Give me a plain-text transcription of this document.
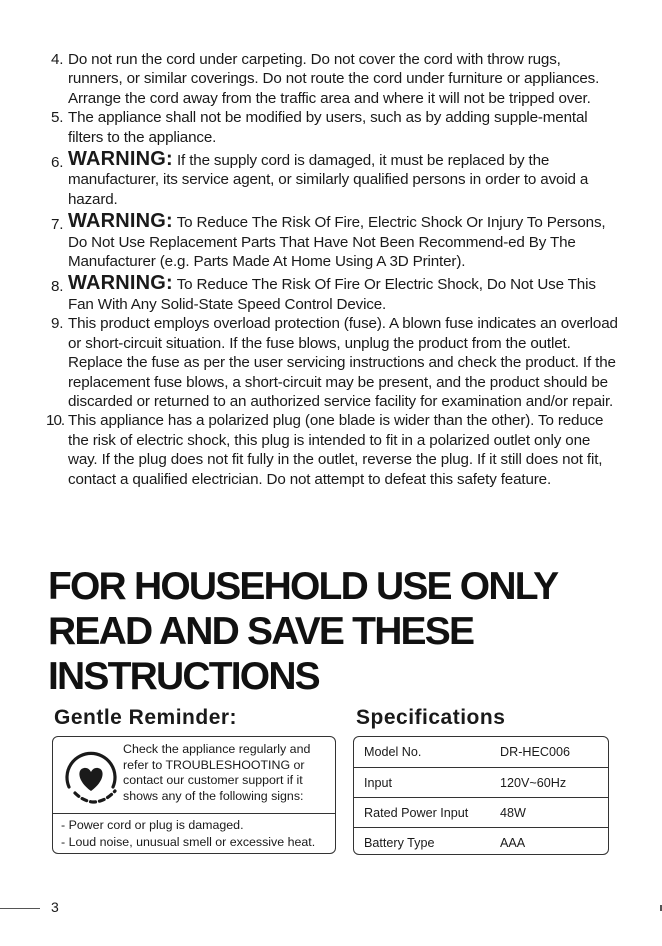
4. Do not run the cord under carpeting. Do not cover the cord with throw rugs, runners, or similar coverings. Do not route the cord under furniture or appliances. Arrange the cord away from the traffic area and where it will not be tripped over.
5. The appliance shall not be modified by users, such as by adding supple-mental filters to the appliance.
6. WARNING: If the supply cord is damaged, it must be replaced by the manufacturer, its service agent, or similarly qualified persons in order to avoid a hazard.
7. WARNING: To Reduce The Risk Of Fire, Electric Shock Or Injury To Persons, Do Not Use Replacement Parts That Have Not Been Recommend-ed By The Manufacturer (e.g. Parts Made At Home Using A 3D Printer).
8. WARNING: To Reduce The Risk Of Fire Or Electric Shock, Do Not Use This Fan With Any Solid-State Speed Control Device.
9. This product employs overload protection (fuse). A blown fuse indicates an overload or short-circuit situation. If the fuse blows, unplug the product from the outlet. Replace the fuse as per the user servicing instructions and check the product. If the replacement fuse blows, a short-circuit may be present, and the product should be discarded or returned to an authorized service facility for examination and/or repair.
10. This appliance has a polarized plug (one blade is wider than the other). To reduce the risk of electric shock, this plug is intended to fit in a polarized outlet only one way. If the plug does not fit fully in the outlet, reverse the plug. If it still does not fit, contact a qualified electrician. Do not attempt to defeat this safety feature.
FOR HOUSEHOLD USE ONLY
READ AND SAVE THESE
INSTRUCTIONS
Gentle Reminder:	Specifications
Check the appliance regularly and refer to TROUBLESHOOTING or contact our customer support if it shows any of the following signs:
- Power cord or plug is damaged.
- Loud noise, unusual smell or excessive heat.
Model No.	DR-HEC006
Input	120V~60Hz
Rated Power Input	48W
Battery Type	AAA
3
